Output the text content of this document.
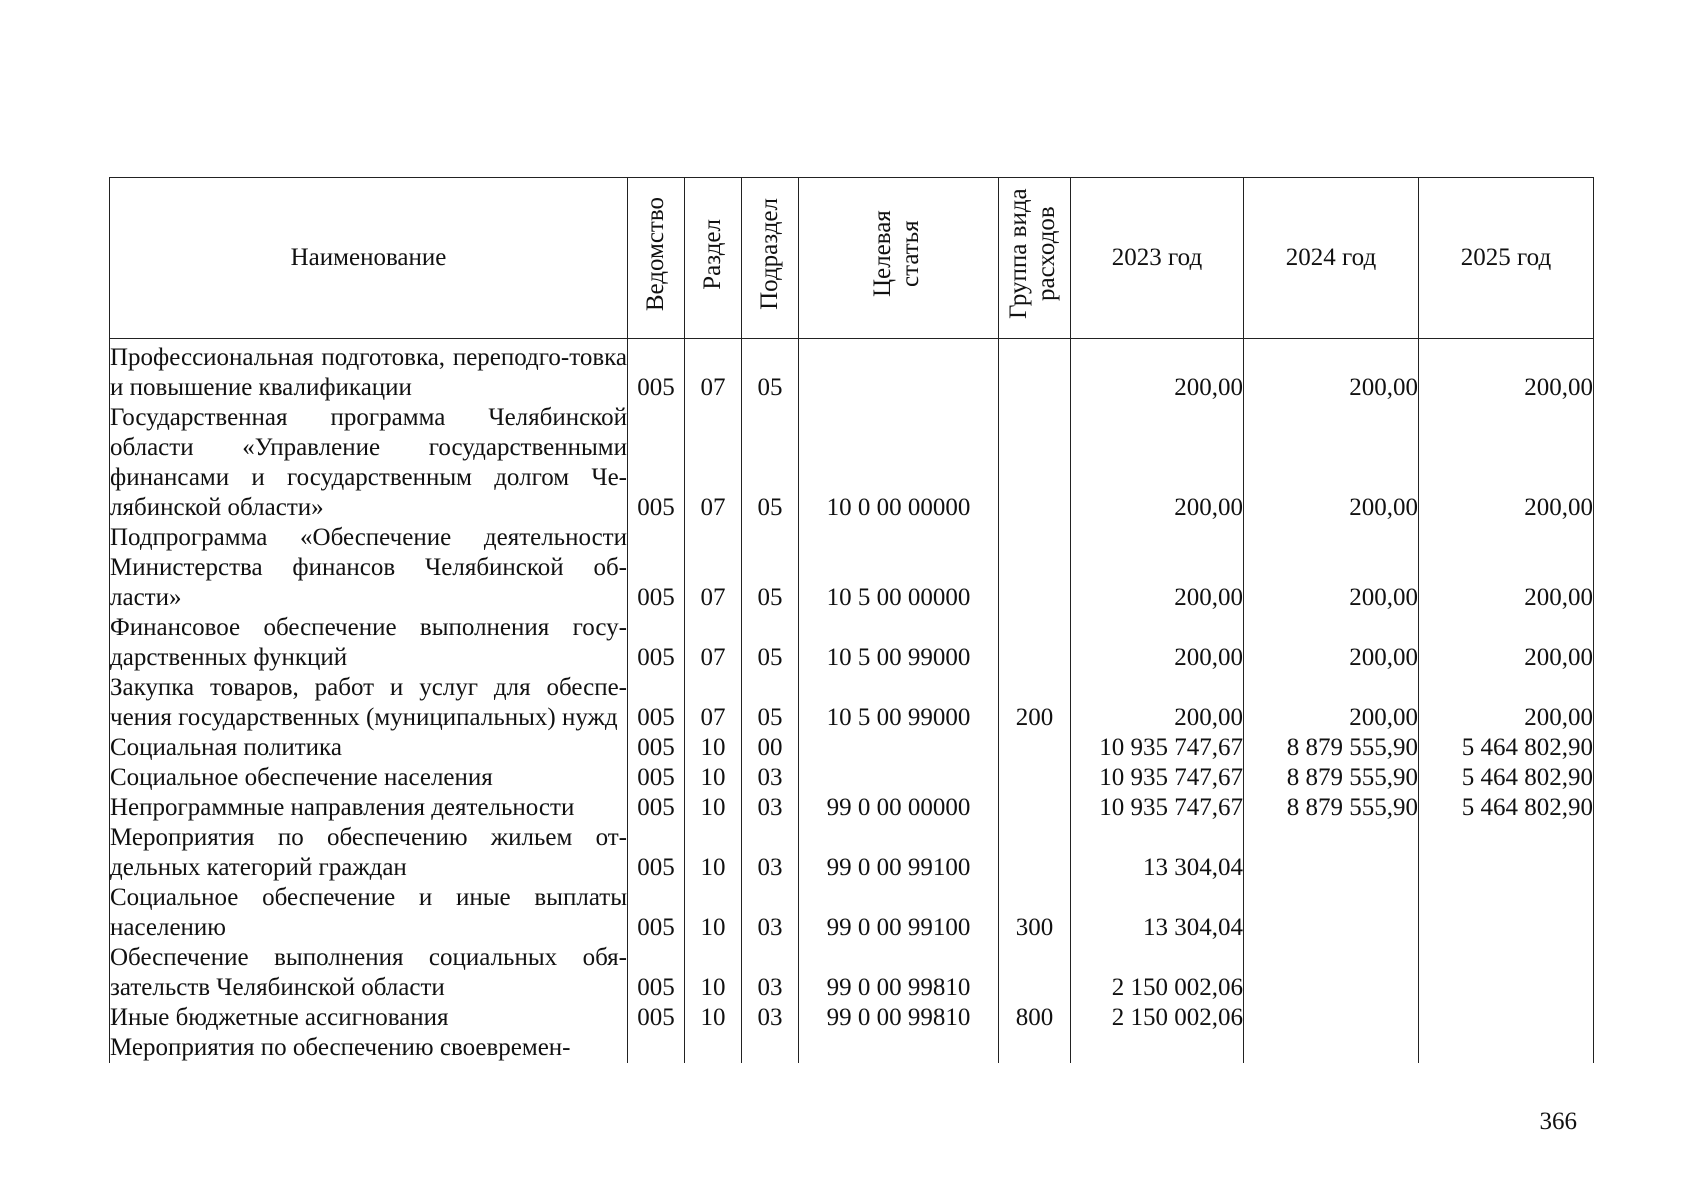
Наименование	Ведомство	Раздел	Подраздел	Целевая статья	Группа вида расходов	2023 год	2024 год	2025 год
Профессиональная подготовка, переподго-товка и повышение квалификации	005	07	05			200,00	200,00	200,00
Государственная программа Челябинской области «Управление государственными финансами и государственным долгом Че-лябинской области»	005	07	05	10 0 00 00000		200,00	200,00	200,00
Подпрограмма «Обеспечение деятельности Министерства финансов Челябинской об-ласти»	005	07	05	10 5 00 00000		200,00	200,00	200,00
Финансовое обеспечение выполнения госу-дарственных функций	005	07	05	10 5 00 99000		200,00	200,00	200,00
Закупка товаров, работ и услуг для обеспе-чения государственных (муниципальных) нужд	005	07	05	10 5 00 99000	200	200,00	200,00	200,00
Социальная политика	005	10	00			10 935 747,67	8 879 555,90	5 464 802,90
Социальное обеспечение населения	005	10	03			10 935 747,67	8 879 555,90	5 464 802,90
Непрограммные направления деятельности	005	10	03	99 0 00 00000		10 935 747,67	8 879 555,90	5 464 802,90
Мероприятия по обеспечению жильем от-дельных категорий граждан	005	10	03	99 0 00 99100		13 304,04		
Социальное обеспечение и иные выплаты населению	005	10	03	99 0 00 99100	300	13 304,04		
Обеспечение выполнения социальных обя-зательств Челябинской области	005	10	03	99 0 00 99810		2 150 002,06		
Иные бюджетные ассигнования	005	10	03	99 0 00 99810	800	2 150 002,06		
Мероприятия по обеспечению своевремен-								
366
